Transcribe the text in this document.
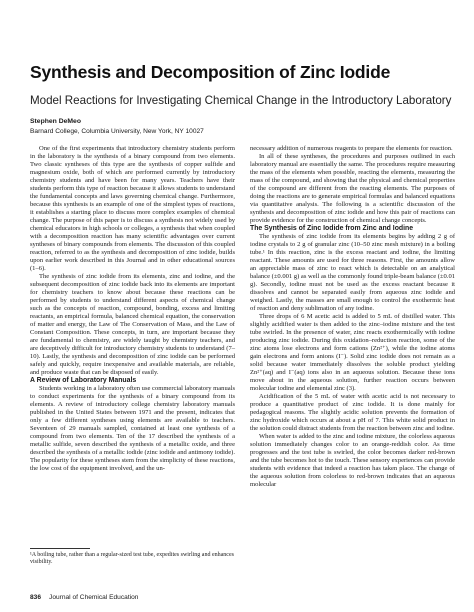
Synthesis and Decomposition of Zinc Iodide
Model Reactions for Investigating Chemical Change in the Introductory Laboratory
Stephen DeMeo
Barnard College, Columbia University, New York, NY 10027

One of the first experiments that introductory chemistry students perform in the laboratory is the synthesis of a binary compound from two elements. Two classic syntheses of this type are the synthesis of copper sulfide and magnesium oxide, both of which are performed currently by introductory chemistry students and have been for many years. Teachers have their students perform this type of reaction because it allows students to understand the fundamental concepts and laws governing chemical change. Furthermore, because this synthesis is an example of one of the simplest types of reactions, it establishes a starting place to discuss more complex examples of chemical change. The purpose of this paper is to discuss a synthesis not widely used by chemical educators in high schools or colleges, a synthesis that when coupled with a decomposition reaction has many scientific advantages over current syntheses of binary compounds from elements. The discussion of this coupled reaction, referred to as the synthesis and decomposition of zinc iodide, builds upon earlier work described in this Journal and in other educational sources (1–6).

The synthesis of zinc iodide from its elements, zinc and iodine, and the subsequent decomposition of zinc iodide back into its elements are important for chemistry teachers to know about because these reactions can be performed by students to understand different aspects of chemical change such as the concepts of reaction, compound, bonding, excess and limiting reactants, an empirical formula, balanced chemical equation, the conservation of matter and energy, the Law of The Conservation of Mass, and the Law of Constant Composition. These concepts, in turn, are important because they are fundamental to chemistry, are widely taught by chemistry teachers, and are deceptively difficult for introductory chemistry students to understand (7–10). Lastly, the synthesis and decomposition of zinc iodide can be performed safely and quickly, require inexpensive and available materials, are reliable, and produce waste that can be disposed of easily.

A Review of Laboratory Manuals

Students working in a laboratory often use commercial laboratory manuals to conduct experiments for the synthesis of a binary compound from its elements. A review of introductory college chemistry laboratory manuals published in the United States between 1971 and the present, indicates that only a few different syntheses using elements are available to teachers. Seventeen of 29 manuals sampled, contained at least one synthesis of a compound from two elements. Ten of the 17 described the synthesis of a metallic sulfide, seven described the synthesis of a metallic oxide, and three described the synthesis of a metallic iodide (zinc iodide and antimony iodide). The popularity for these syntheses stem from the simplicity of these reactions, the low cost of the equipment involved, and the un-

necessary addition of numerous reagents to prepare the elements for reaction.

In all of these syntheses, the procedures and purposes outlined in each laboratory manual are essentially the same. The procedures require measuring the mass of the elements when possible, reacting the elements, measuring the mass of the compound, and showing that the physical and chemical properties of the compound are different from the reacting elements. The purposes of doing the reactions are to generate empirical formulas and balanced equations via quantitative analysis. The following is a scientific discussion of the synthesis and decomposition of zinc iodide and how this pair of reactions can provide evidence for the construction of chemical change concepts.

The Synthesis of Zinc Iodide from Zinc and Iodine

The synthesis of zinc iodide from its elements begins by adding 2 g of iodine crystals to 2 g of granular zinc (10–50 zinc mesh mixture) in a boiling tube.¹ In this reaction, zinc is the excess reactant and iodine, the limiting reactant. These amounts are used for three reasons. First, the amounts allow an appreciable mass of zinc to react which is detectable on an analytical balance (±0.001 g) as well as the commonly found triple-beam balance (±0.01 g). Secondly, iodine must not be used as the excess reactant because it dissolves and cannot be separated easily from aqueous zinc iodide and weighed. Lastly, the masses are small enough to control the exothermic heat of reaction and deny sublimation of any iodine.

Three drops of 6 M acetic acid is added to 5 mL of distilled water. This slightly acidified water is then added to the zinc–iodine mixture and the test tube swirled. In the presence of water, zinc reacts exothermically with iodine producing zinc iodide. During this oxidation–reduction reaction, some of the zinc atoms lose electrons and form cations (Zn²⁺), while the iodine atoms gain electrons and form anions (I⁻). Solid zinc iodide does not remain as a solid because water immediately dissolves the soluble product yielding Zn²⁺(aq) and I⁻(aq) ions also in an aqueous solution. Because these ions move about in the aqueous solution, further reaction occurs between molecular iodine and elemental zinc (3).

Acidification of the 5 mL of water with acetic acid is not necessary to produce a quantitative product of zinc iodide. It is done mainly for pedagogical reasons. The slightly acidic solution prevents the formation of zinc hydroxide which occurs at about a pH of 7. This white solid product in the solution could distract students from the reaction between zinc and iodine.

When water is added to the zinc and iodine mixture, the colorless aqueous solution immediately changes color to an orange-reddish color. As time progresses and the test tube is swirled, the color becomes darker red-brown and the tube becomes hot to the touch. These sensory experiences can provide students with evidence that indeed a reaction has taken place. The change of the aqueous solution from colorless to red-brown indicates that an aqueous molecular

¹A boiling tube, rather than a regular-sized test tube, expedites swirling and enhances visibility.
836 Journal of Chemical Education
